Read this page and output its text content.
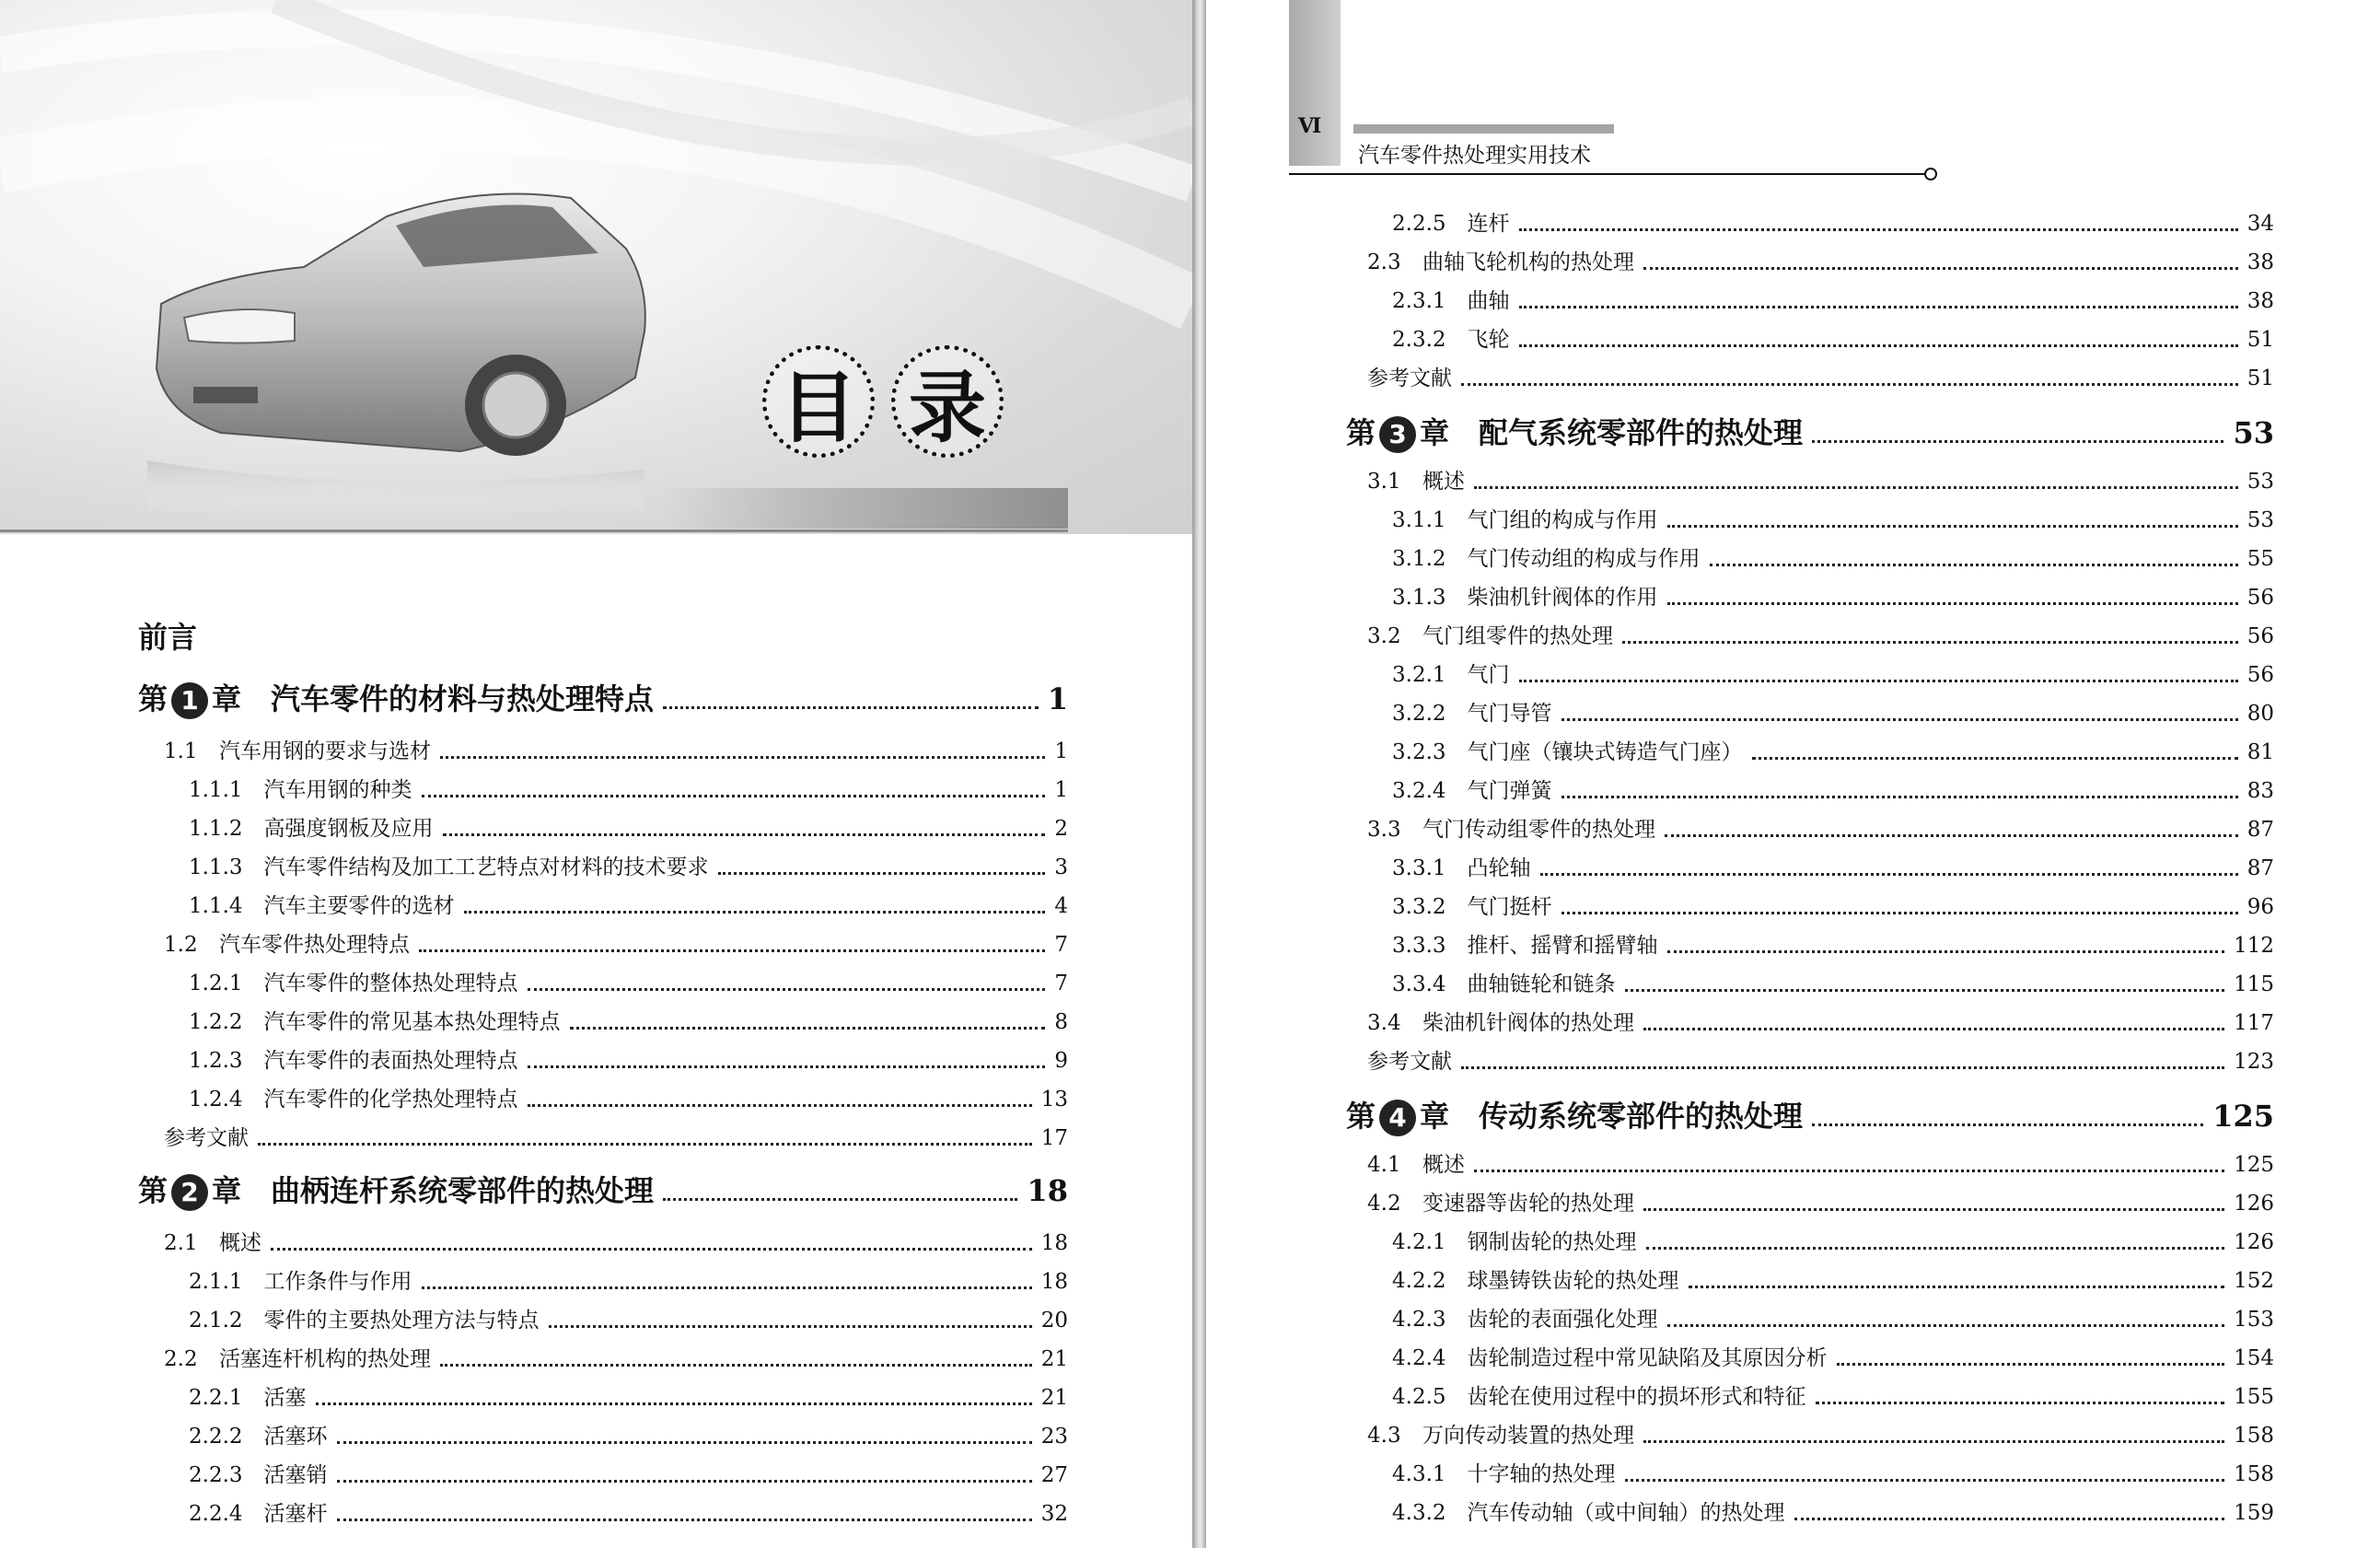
目 录
前言
第 1 章 汽车零件的材料与热处理特点	1
1.1  汽车用钢的要求与选材	1
1.1.1  汽车用钢的种类	1
1.1.2  高强度钢板及应用	2
1.1.3  汽车零件结构及加工工艺特点对材料的技术要求	3
1.1.4  汽车主要零件的选材	4
1.2  汽车零件热处理特点	7
1.2.1  汽车零件的整体热处理特点	7
1.2.2  汽车零件的常见基本热处理特点	8
1.2.3  汽车零件的表面热处理特点	9
1.2.4  汽车零件的化学热处理特点	13
参考文献	17
第 2 章 曲柄连杆系统零部件的热处理	18
2.1  概述	18
2.1.1  工作条件与作用	18
2.1.2  零件的主要热处理方法与特点	20
2.2  活塞连杆机构的热处理	21
2.2.1  活塞	21
2.2.2  活塞环	23
2.2.3  活塞销	27
2.2.4  活塞杆	32
Ⅵ
汽车零件热处理实用技术
2.2.5  连杆	34
2.3  曲轴飞轮机构的热处理	38
2.3.1  曲轴	38
2.3.2  飞轮	51
参考文献	51
第 3 章 配气系统零部件的热处理	53
3.1  概述	53
3.1.1  气门组的构成与作用	53
3.1.2  气门传动组的构成与作用	55
3.1.3  柴油机针阀体的作用	56
3.2  气门组零件的热处理	56
3.2.1  气门	56
3.2.2  气门导管	80
3.2.3  气门座（镶块式铸造气门座）	81
3.2.4  气门弹簧	83
3.3  气门传动组零件的热处理	87
3.3.1  凸轮轴	87
3.3.2  气门挺杆	96
3.3.3  推杆、摇臂和摇臂轴	112
3.3.4  曲轴链轮和链条	115
3.4  柴油机针阀体的热处理	117
参考文献	123
第 4 章 传动系统零部件的热处理	125
4.1  概述	125
4.2  变速器等齿轮的热处理	126
4.2.1  钢制齿轮的热处理	126
4.2.2  球墨铸铁齿轮的热处理	152
4.2.3  齿轮的表面强化处理	153
4.2.4  齿轮制造过程中常见缺陷及其原因分析	154
4.2.5  齿轮在使用过程中的损坏形式和特征	155
4.3  万向传动装置的热处理	158
4.3.1  十字轴的热处理	158
4.3.2  汽车传动轴（或中间轴）的热处理	159
